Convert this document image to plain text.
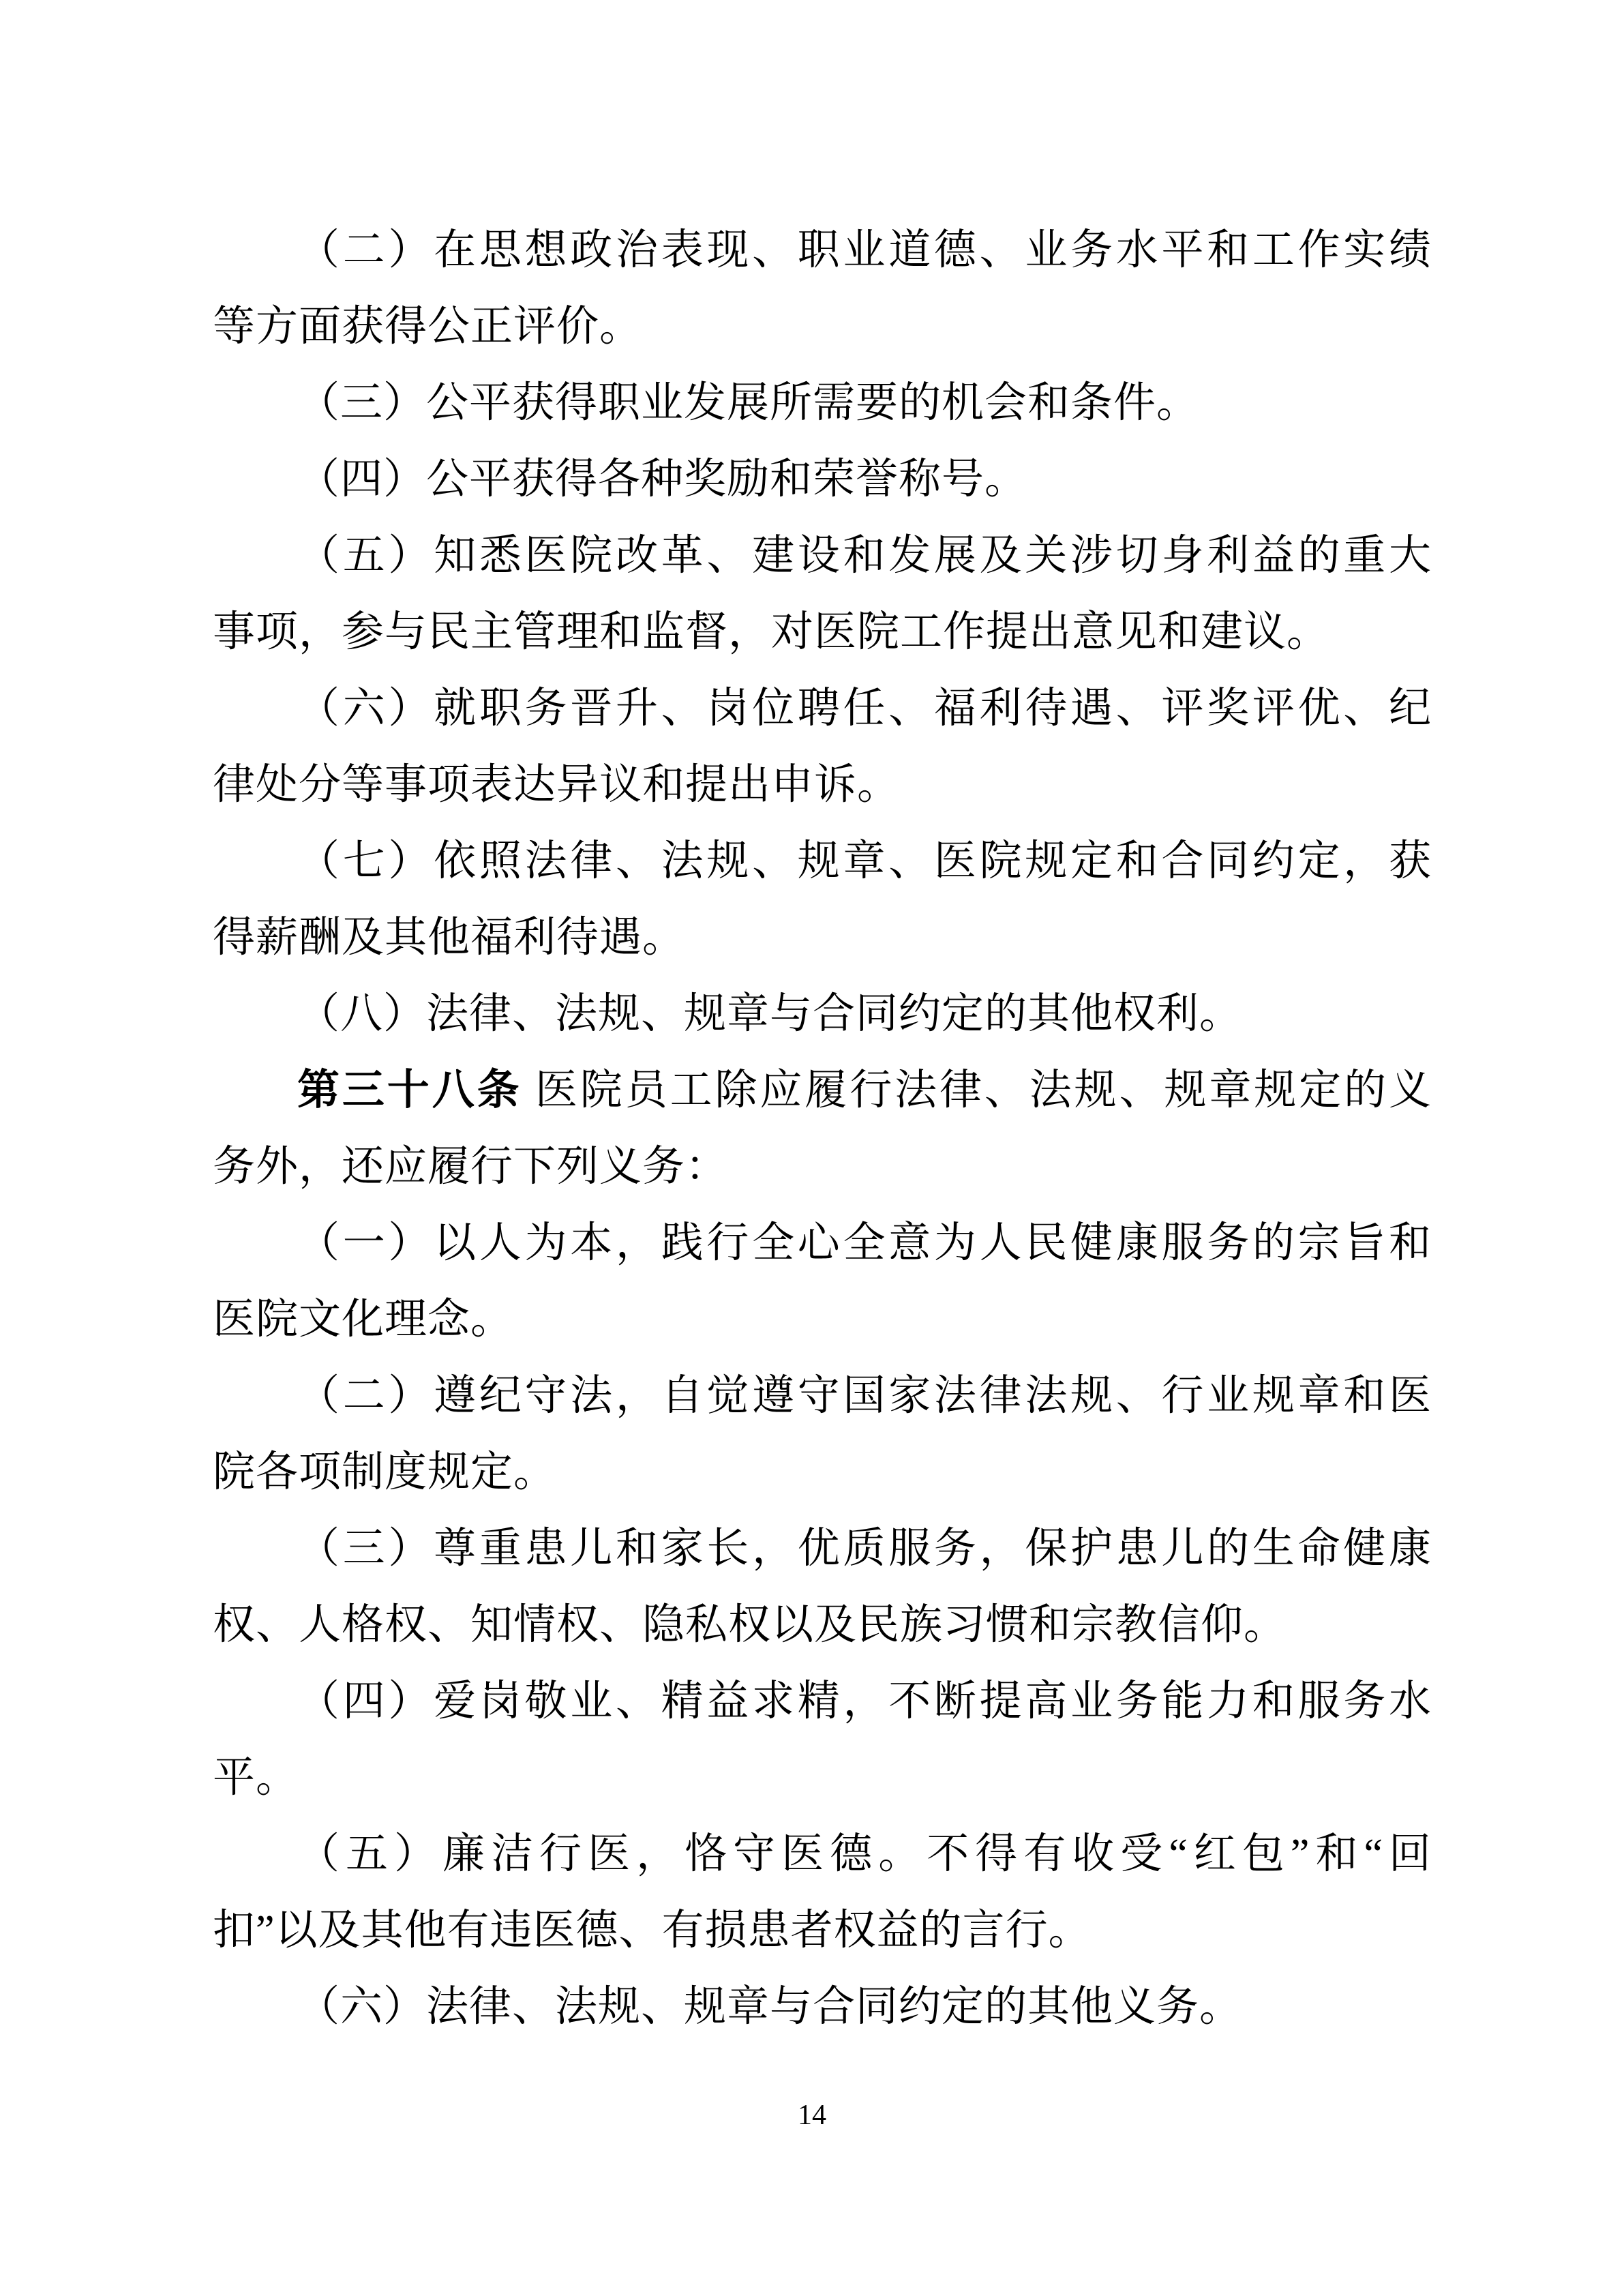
（二）在思想政治表现、职业道德、业务水平和工作实绩
等方面获得公正评价。
（三）公平获得职业发展所需要的机会和条件。
（四）公平获得各种奖励和荣誉称号。
（五）知悉医院改革、建设和发展及关涉切身利益的重大
事项，参与民主管理和监督，对医院工作提出意见和建议。
（六）就职务晋升、岗位聘任、福利待遇、评奖评优、纪
律处分等事项表达异议和提出申诉。
（七）依照法律、法规、规章、医院规定和合同约定，获
得薪酬及其他福利待遇。
（八）法律、法规、规章与合同约定的其他权利。
第三十八条 医院员工除应履行法律、法规、规章规定的义
务外，还应履行下列义务：
（一）以人为本，践行全心全意为人民健康服务的宗旨和
医院文化理念。
（二）遵纪守法，自觉遵守国家法律法规、行业规章和医
院各项制度规定。
（三）尊重患儿和家长，优质服务，保护患儿的生命健康
权、人格权、知情权、隐私权以及民族习惯和宗教信仰。
（四）爱岗敬业、精益求精，不断提高业务能力和服务水
平。
（五）廉洁行医，恪守医德。不得有收受“红包”和“回
扣”以及其他有违医德、有损患者权益的言行。
（六）法律、法规、规章与合同约定的其他义务。
14
